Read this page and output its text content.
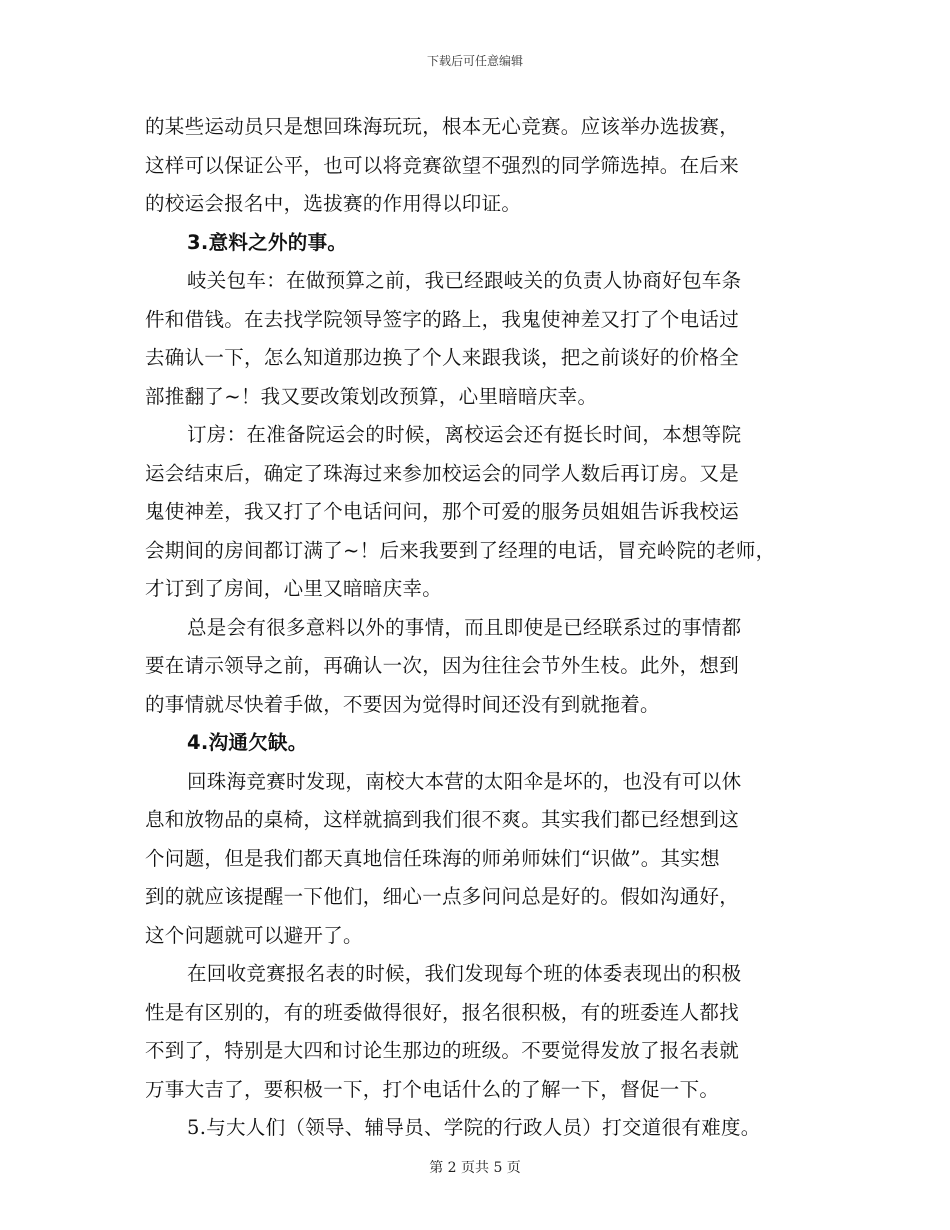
下载后可任意编辑
的某些运动员只是想回珠海玩玩，根本无心竞赛。应该举办选拔赛，
这样可以保证公平，也可以将竞赛欲望不强烈的同学筛选掉。在后来
的校运会报名中，选拔赛的作用得以印证。
3.意料之外的事。
岐关包车：在做预算之前，我已经跟岐关的负责人协商好包车条
件和借钱。在去找学院领导签字的路上，我鬼使神差又打了个电话过
去确认一下，怎么知道那边换了个人来跟我谈，把之前谈好的价格全
部推翻了~！我又要改策划改预算，心里暗暗庆幸。
订房：在准备院运会的时候，离校运会还有挺长时间，本想等院
运会结束后，确定了珠海过来参加校运会的同学人数后再订房。又是
鬼使神差，我又打了个电话问问，那个可爱的服务员姐姐告诉我校运
会期间的房间都订满了~！后来我要到了经理的电话，冒充岭院的老师，
才订到了房间，心里又暗暗庆幸。
总是会有很多意料以外的事情，而且即使是已经联系过的事情都
要在请示领导之前，再确认一次，因为往往会节外生枝。此外，想到
的事情就尽快着手做，不要因为觉得时间还没有到就拖着。
4.沟通欠缺。
回珠海竞赛时发现，南校大本营的太阳伞是坏的，也没有可以休
息和放物品的桌椅，这样就搞到我们很不爽。其实我们都已经想到这
个问题，但是我们都天真地信任珠海的师弟师妹们“识做”。其实想
到的就应该提醒一下他们，细心一点多问问总是好的。假如沟通好，
这个问题就可以避开了。
在回收竞赛报名表的时候，我们发现每个班的体委表现出的积极
性是有区别的，有的班委做得很好，报名很积极，有的班委连人都找
不到了，特别是大四和讨论生那边的班级。不要觉得发放了报名表就
万事大吉了，要积极一下，打个电话什么的了解一下，督促一下。
5.与大人们（领导、辅导员、学院的行政人员）打交道很有难度。
第 2 页共 5 页
